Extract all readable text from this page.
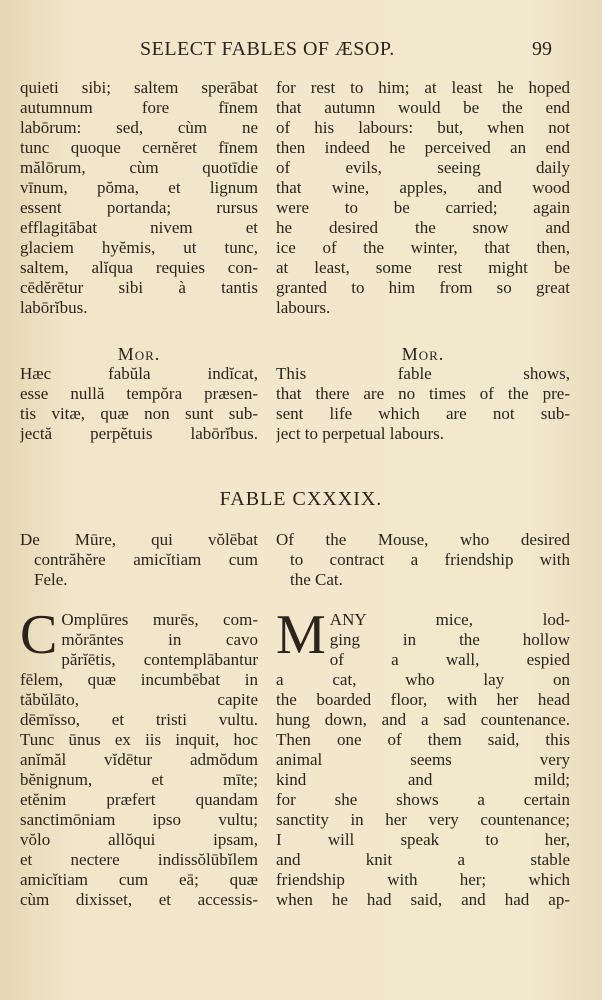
SELECT FABLES OF ÆSOP.	99
quieti sibi; saltem sperābat
autumnum fore fīnem
labōrum: sed, cùm ne
tunc quoque cernĕret fīnem
mălōrum, cùm quotīdie
vīnum, pŏma, et lignum
essent portanda; rursus
efflagitābat nivem et
glaciem hyĕmis, ut tunc,
saltem, alĭqua requies con-
cēdĕrētur sibi à tantis
labōrĭbus.
for rest to him; at least he hoped
that autumn would be the end
of his labours: but, when not
then indeed he perceived an end
of evils, seeing daily
that wine, apples, and wood
were to be carried; again
he desired the snow and
ice of the winter, that then,
at least, some rest might be
granted to him from so great
labours.
Mor.
Hæc fabŭla indĭcat,
esse nullă tempŏra præsen-
tis vitæ, quæ non sunt sub-
jectă perpĕtuis labōrĭbus.
Mor.
This fable shows,
that there are no times of the pre-
sent life which are not sub-
ject to perpetual labours.
FABLE CXXXIX.
De Mūre, qui vŏlēbat
contrăhĕre amicĭtiam cum
Fele.
Of the Mouse, who desired
to contract a friendship with
the Cat.
C Omplūres murēs, com-
mŏrāntes in cavo
părĭētis, contemplābantur
fēlem, quæ incumbēbat in
tăbŭlāto, capite
dēmīsso, et tristi vultu.
Tunc ūnus ex iis inquit, hoc
anĭmăl vĭdētur admŏdum
bĕnignum, et mīte;
etĕnim præfert quandam
sanctimōniam ipso vultu;
vŏlo allŏqui ipsam,
et nectere indissŏlūbĭlem
amicĭtiam cum eā; quæ
cùm dixisset, et accessis-
M ANY mice, lod-
ging in the hollow
of a wall, espied
a cat, who lay on
the boarded floor, with her head
hung down, and a sad countenance.
Then one of them said, this
animal seems very
kind and mild;
for she shows a certain
sanctity in her very countenance;
I will speak to her,
and knit a stable
friendship with her; which
when he had said, and had ap-
